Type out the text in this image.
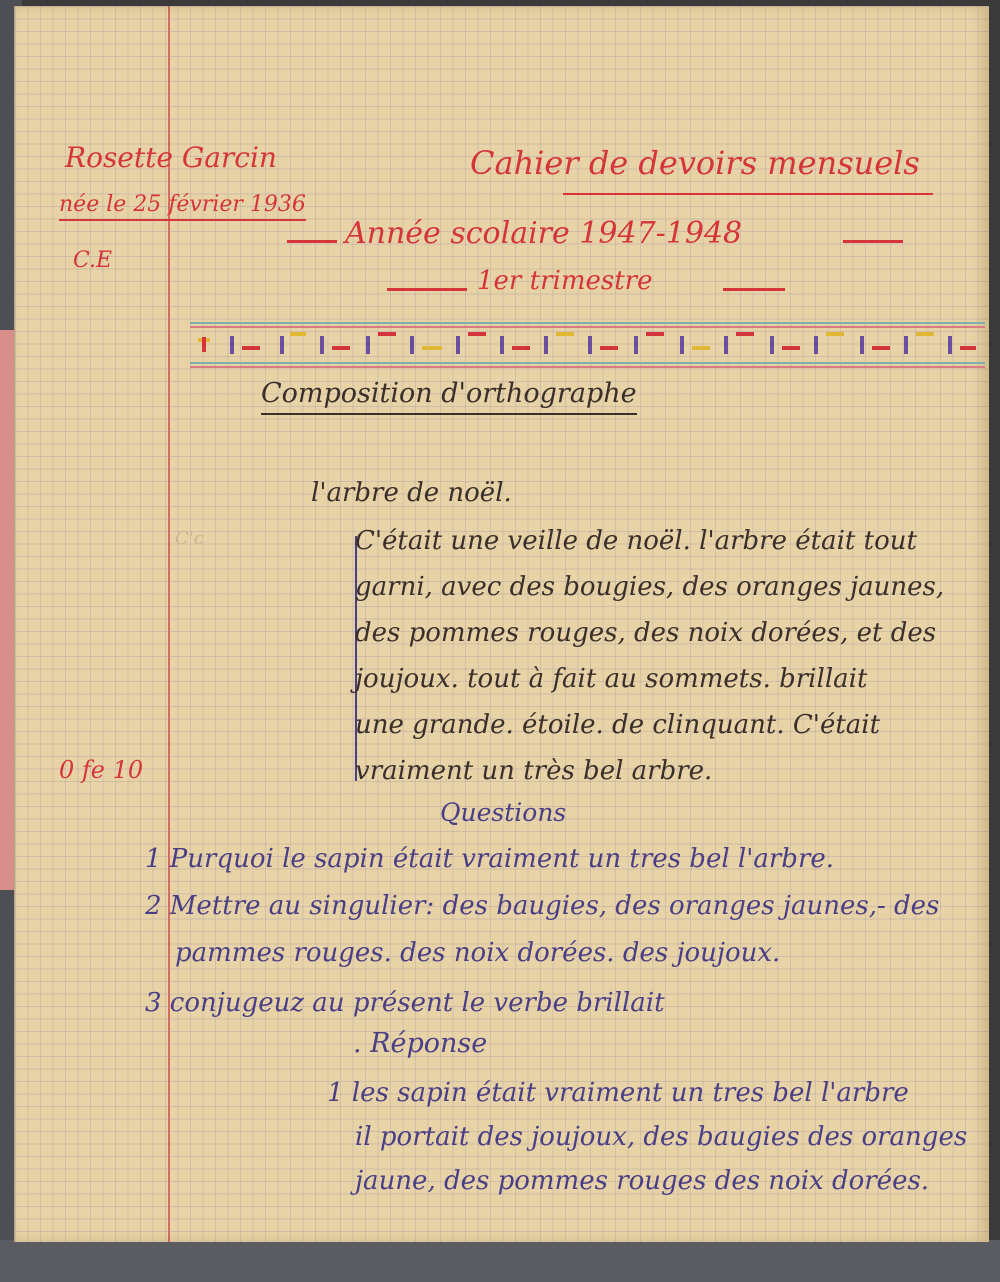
Rosette Garcin
née le 25 février 1936
C.E
Cahier de devoirs mensuels
Année scolaire 1947-1948
1er trimestre
Composition d'orthographe
C'c
0 fe 10
l'arbre de noël.
C'était une veille de noël. l'arbre était tout
garni, avec des bougies, des oranges jaunes,
des pommes rouges, des noix dorées, et des
joujoux. tout à fait au sommets. brillait
une grande. étoile. de clinquant. C'était
vraiment un très bel arbre.
Questions
1 Purquoi le sapin était vraiment un tres bel l'arbre.
2 Mettre au singulier: des baugies, des oranges jaunes,- des
pammes rouges. des noix dorées. des joujoux.
3 conjugeuz au présent le verbe brillait
. Réponse
1 les sapin était vraiment un tres bel l'arbre
il portait des joujoux, des baugies des oranges
jaune, des pommes rouges des noix dorées.
